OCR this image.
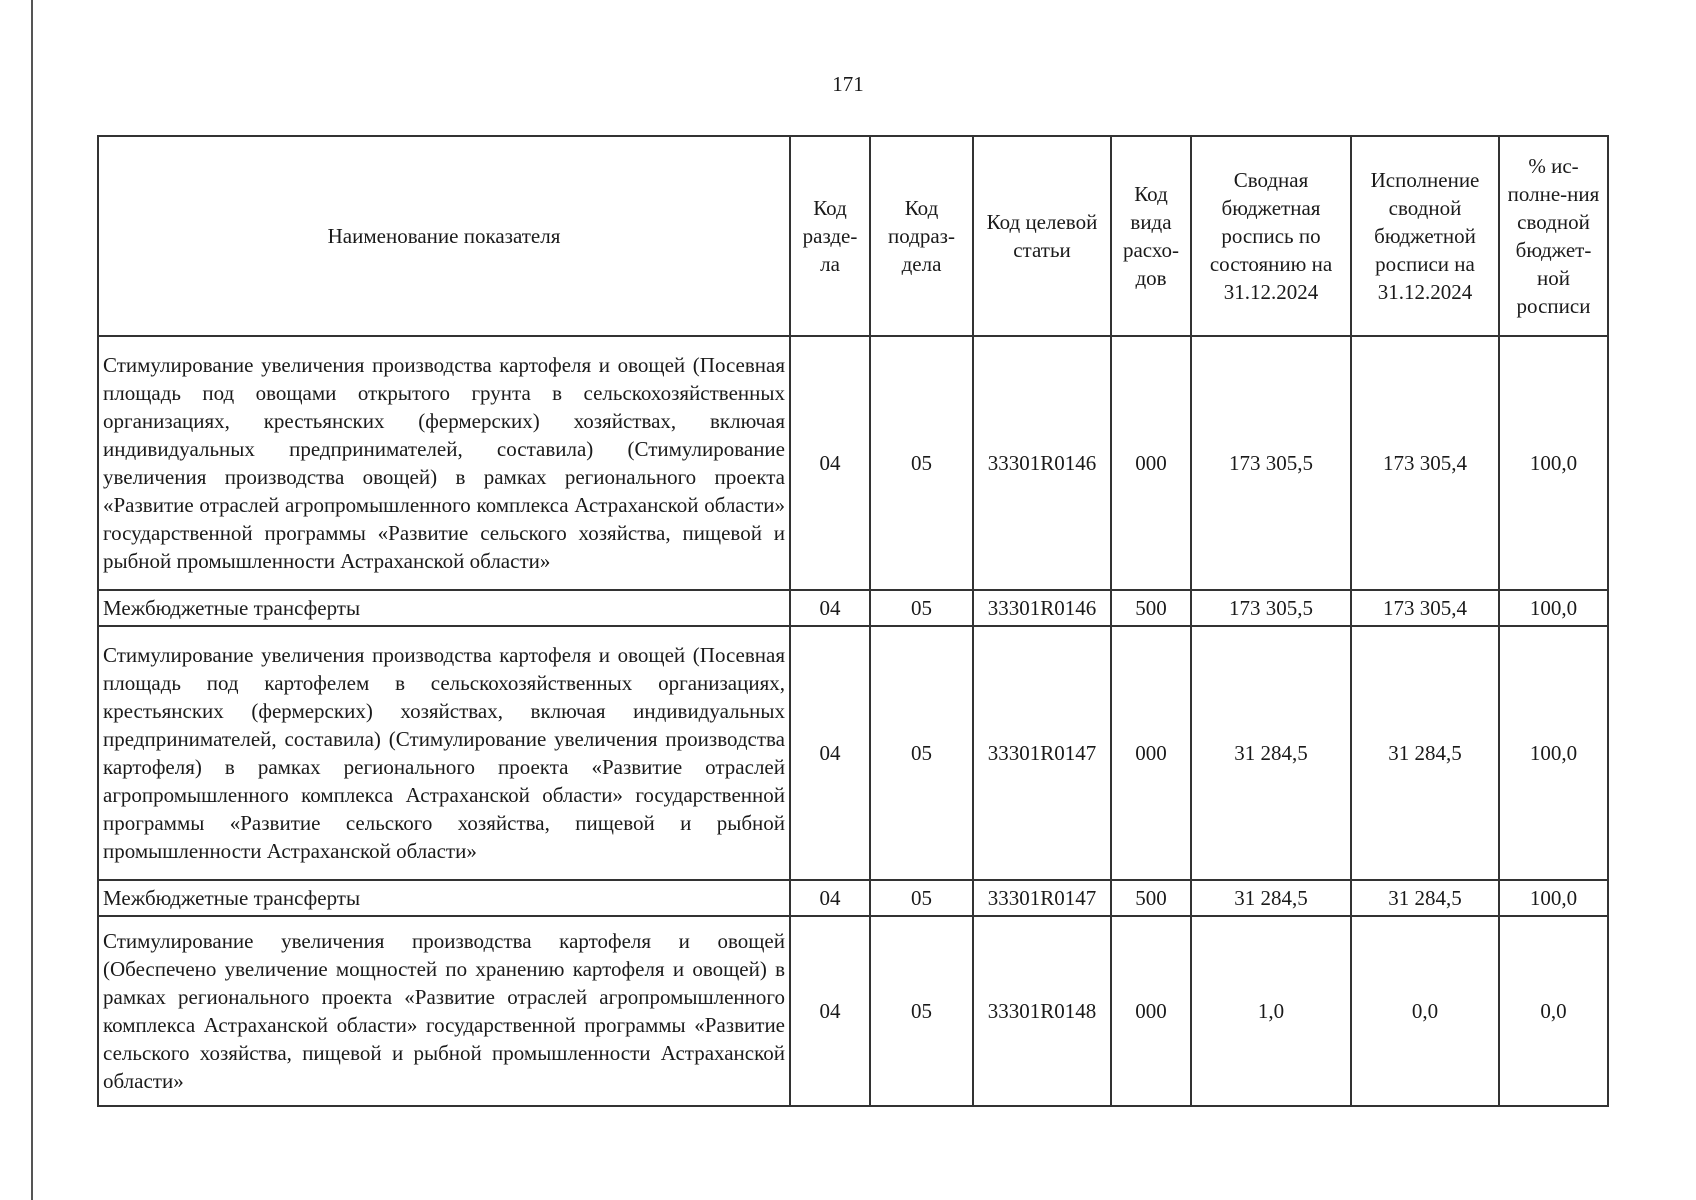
171
Наименование показателя	Код разде-ла	Код подраз-дела	Код целевой статьи	Код вида расхо-дов	Сводная бюджетная роспись по состоянию на 31.12.2024	Исполнение сводной бюджетной росписи на 31.12.2024	% ис-полне-ния сводной бюджет-ной росписи
Стимулирование увеличения производства картофеля и овощей (Посевная площадь под овощами открытого грунта в сельскохозяйственных организациях, крестьянских (фермерских) хозяйствах, включая индивидуальных предпринимателей, составила) (Стимулирование увеличения производства овощей) в рамках регионального проекта «Развитие отраслей агропромышленного комплекса Астраханской области» государственной программы «Развитие сельского хозяйства, пищевой и рыбной промышленности Астраханской области»	04	05	33301R0146	000	173 305,5	173 305,4	100,0
Межбюджетные трансферты	04	05	33301R0146	500	173 305,5	173 305,4	100,0
Стимулирование увеличения производства картофеля и овощей (Посевная площадь под картофелем в сельскохозяйственных организациях, крестьянских (фермерских) хозяйствах, включая индивидуальных предпринимателей, составила) (Стимулирование увеличения производства картофеля) в рамках регионального проекта «Развитие отраслей агропромышленного комплекса Астраханской области» государственной программы «Развитие сельского хозяйства, пищевой и рыбной промышленности Астраханской области»	04	05	33301R0147	000	31 284,5	31 284,5	100,0
Межбюджетные трансферты	04	05	33301R0147	500	31 284,5	31 284,5	100,0
Стимулирование увеличения производства картофеля и овощей (Обеспечено увеличение мощностей по хранению картофеля и овощей) в рамках регионального проекта «Развитие отраслей агропромышленного комплекса Астраханской области» государственной программы «Развитие сельского хозяйства, пищевой и рыбной промышленности Астраханской области»	04	05	33301R0148	000	1,0	0,0	0,0
